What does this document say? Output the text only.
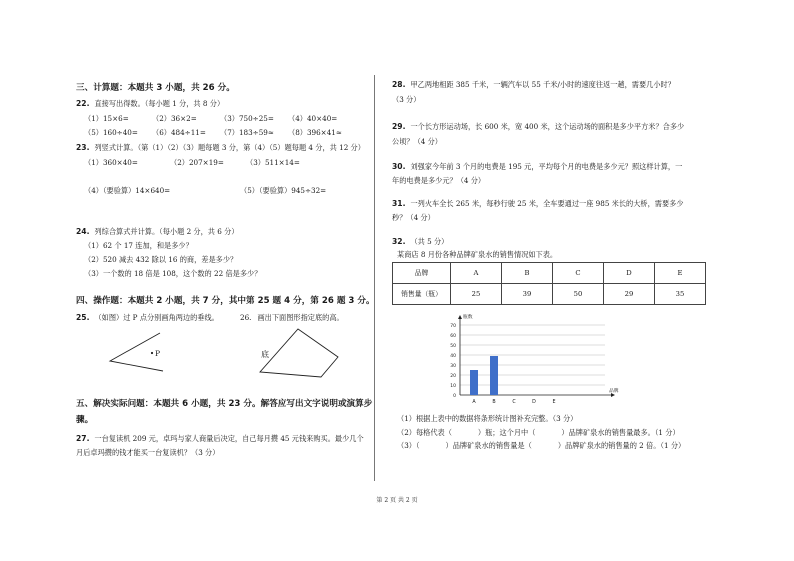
三、计算题：本题共 3 小题，共 26 分。
22. 直接写出得数。（每小题 1 分，共 8 分）
（1）15×6=	（2）36×2=	（3）750÷25= （4）40×40=
（5）160÷40= （6）484÷11= （7）183÷59≈ （8）396×41≈
23. 列竖式计算。（第（1）（2）（3）题每题 3 分，第（4）（5）题每题 4 分，共 12 分）
（1）360×40=	（2）207×19=	（3）511×14=
（4）（要验算）14×640=	（5）（要验算）945÷32=
24. 列综合算式并计算。（每小题 2 分，共 6 分）
（1）62 个 17 连加，和是多少？
（2）520 减去 432 除以 16 的商，差是多少？
（3）一个数的 18 倍是 108，这个数的 22 倍是多少？
四、操作题：本题共 2 小题，共 7 分，其中第 25 题 4 分，第 26 题 3 分。
25. （如图）过 P 点分别画角两边的垂线。	26. 画出下面图形指定底的高。
P	底
五、解决实际问题：本题共 6 小题，共 23 分。解答应写出文字说明或演算步
骤。
27. 一台复读机 209 元，卓玛与家人商量后决定，自己每月攒 45 元钱来购买。最少几个
月后卓玛攒的钱才能买一台复读机？（3 分）
28. 甲乙两地相距 385 千米，一辆汽车以 55 千米/小时的速度往返一趟，需要几小时？
（3 分）
29. 一个长方形运动场，长 600 米，宽 400 米，这个运动场的面积是多少平方米？合多少
公顷？（4 分）
30. 刘强家今年前 3 个月的电费是 195 元，平均每个月的电费是多少元？照这样计算，一
年的电费是多少元？（4 分）
31. 一列火车全长 265 米，每秒行驶 25 米，全车要通过一座 985 米长的大桥，需要多少
秒？（4 分）
32. （共 5 分）
某商店 8 月份各种品牌矿泉水的销售情况如下表。
品牌	A	B	C	D	E
销售量（瓶）	25	39	50	29	35
0
10
20
30
40
50
60
70
瓶数
品牌
A	B	C	D	E
（1）根据上表中的数据将条形统计图补充完整。（3 分）
（2）每格代表（	）瓶；这个月中（	）品牌矿泉水的销售量最多。（1 分）
（3）（	）品牌矿泉水的销售量是（	）品牌矿泉水的销售量的 2 倍。（1 分）
第 2 页 共 2 页
